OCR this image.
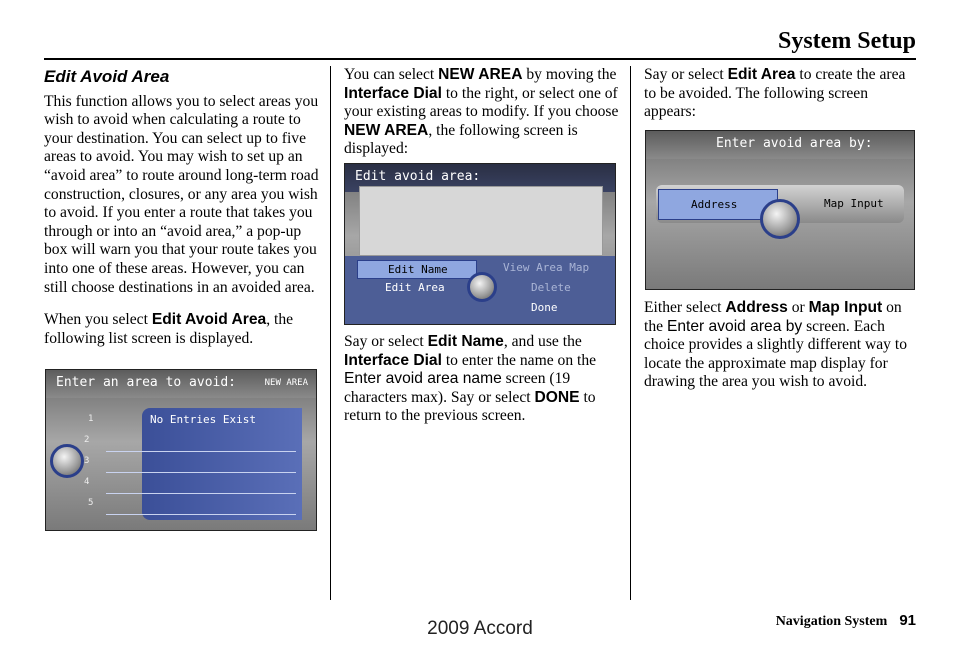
System Setup
Edit Avoid Area

This function allows you to select areas you wish to avoid when calculating a route to your destination. You can select up to five areas to avoid. You may wish to set up an “avoid area” to route around long-term road construction, closures, or any area you wish to avoid. If you enter a route that takes you through or into an “avoid area,” a pop-up box will warn you that your route takes you into one of these areas. However, you can still choose destinations in an avoided area.

When you select Edit Avoid Area, the following list screen is displayed.

Enter an area to avoid:	NEW AREA
No Entries Exist
1
2
3
4
5

You can select NEW AREA by moving the Interface Dial to the right, or select one of your existing areas to modify. If you choose NEW AREA, the following screen is displayed:

Edit avoid area:
Edit Name
Edit Area
View Area Map
Delete
Done

Say or select Edit Name, and use the Interface Dial to enter the name on the Enter avoid area name screen (19 characters max). Say or select DONE to return to the previous screen.

Say or select Edit Area to create the area to be avoided. The following screen appears:

Enter avoid area by:
Address	Map Input

Either select Address or Map Input on the Enter avoid area by screen. Each choice provides a slightly different way to locate the approximate map display for drawing the area you wish to avoid.

Navigation System 91
2009 Accord
